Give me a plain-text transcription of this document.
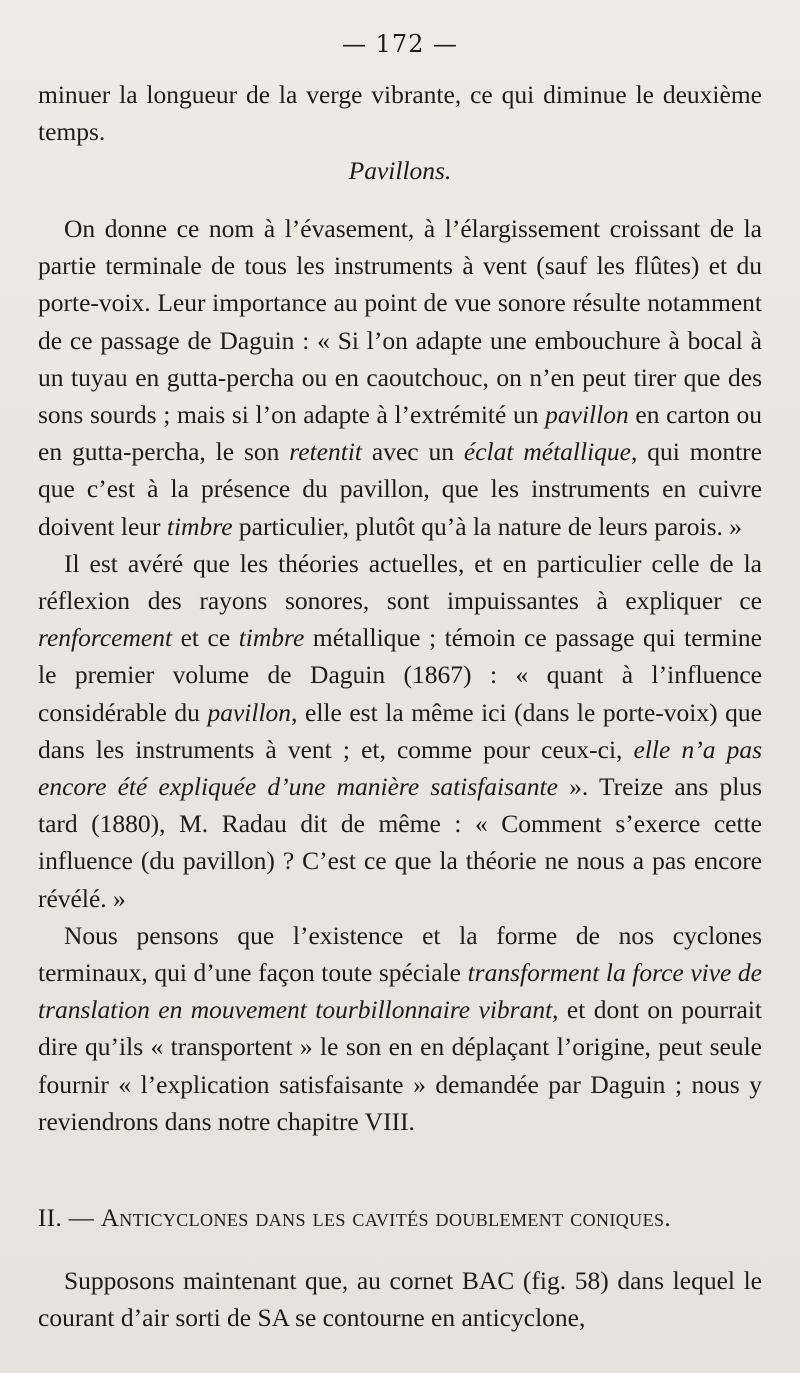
— 172 —

minuer la longueur de la verge vibrante, ce qui diminue le deuxième temps.

Pavillons.

On donne ce nom à l’évasement, à l’élargissement croissant de la partie terminale de tous les instruments à vent (sauf les flûtes) et du porte-voix. Leur importance au point de vue sonore résulte notamment de ce passage de Daguin : « Si l’on adapte une embouchure à bocal à un tuyau en gutta-percha ou en caoutchouc, on n’en peut tirer que des sons sourds ; mais si l’on adapte à l’extrémité un pavillon en carton ou en gutta-percha, le son retentit avec un éclat métallique, qui montre que c’est à la présence du pavillon, que les instruments en cuivre doivent leur timbre particulier, plutôt qu’à la nature de leurs parois. »

Il est avéré que les théories actuelles, et en particulier celle de la réflexion des rayons sonores, sont impuissantes à expliquer ce renforcement et ce timbre métallique ; témoin ce passage qui termine le premier volume de Daguin (1867) : « quant à l’influence considérable du pavillon, elle est la même ici (dans le porte-voix) que dans les instruments à vent ; et, comme pour ceux-ci, elle n’a pas encore été expliquée d’une manière satisfaisante ». Treize ans plus tard (1880), M. Radau dit de même : « Comment s’exerce cette influence (du pavillon) ? C’est ce que la théorie ne nous a pas encore révélé. »

Nous pensons que l’existence et la forme de nos cyclones terminaux, qui d’une façon toute spéciale transforment la force vive de translation en mouvement tourbillonnaire vibrant, et dont on pourrait dire qu’ils « transportent » le son en en déplaçant l’origine, peut seule fournir « l’explication satisfaisante » demandée par Daguin ; nous y reviendrons dans notre chapitre VIII.

II. — Anticyclones dans les cavités doublement coniques.

Supposons maintenant que, au cornet BAC (fig. 58) dans lequel le courant d’air sorti de SA se contourne en anticyclone,
